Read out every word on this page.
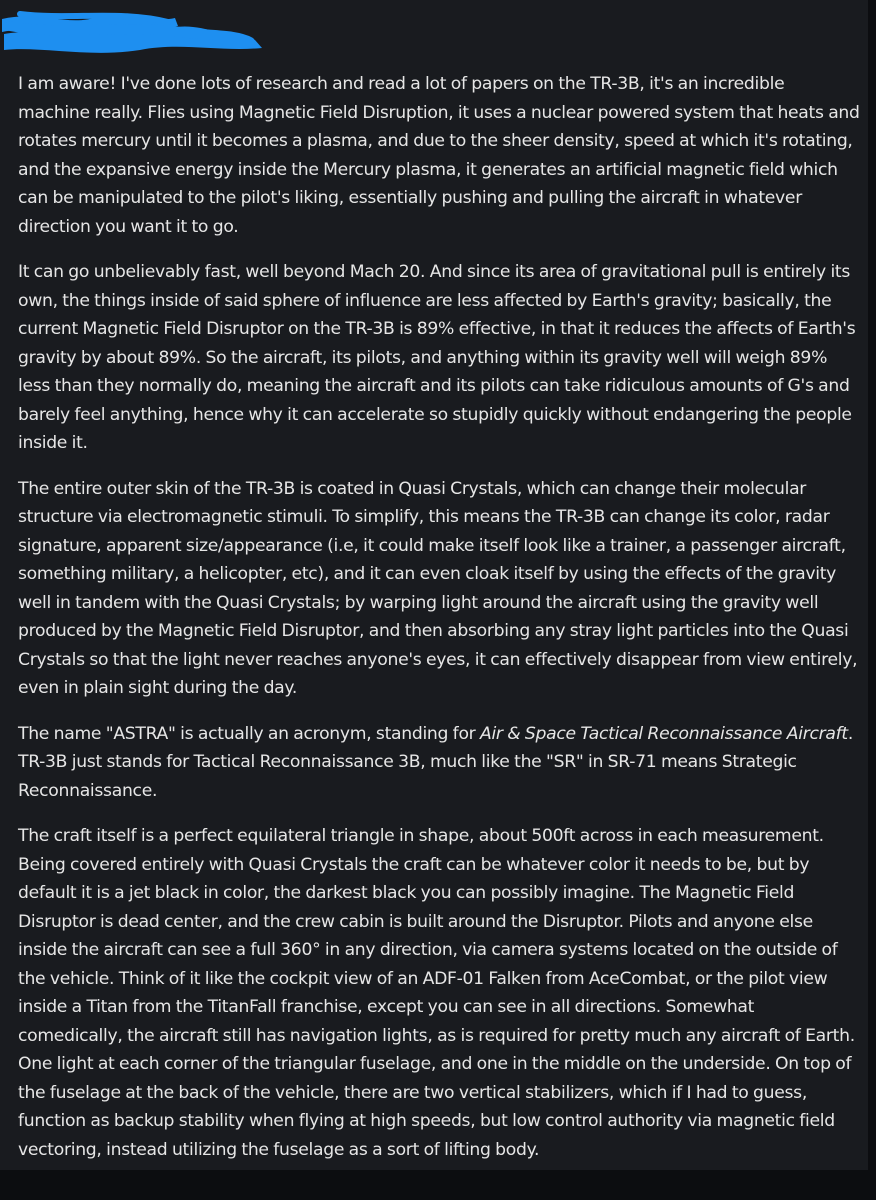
I am aware! I've done lots of research and read a lot of papers on the TR-3B, it's an incredible machine really. Flies using Magnetic Field Disruption, it uses a nuclear powered system that heats and rotates mercury until it becomes a plasma, and due to the sheer density, speed at which it's rotating, and the expansive energy inside the Mercury plasma, it generates an artificial magnetic field which can be manipulated to the pilot's liking, essentially pushing and pulling the aircraft in whatever direction you want it to go.

It can go unbelievably fast, well beyond Mach 20. And since its area of gravitational pull is entirely its own, the things inside of said sphere of influence are less affected by Earth's gravity; basically, the current Magnetic Field Disruptor on the TR-3B is 89% effective, in that it reduces the affects of Earth's gravity by about 89%. So the aircraft, its pilots, and anything within its gravity well will weigh 89% less than they normally do, meaning the aircraft and its pilots can take ridiculous amounts of G's and barely feel anything, hence why it can accelerate so stupidly quickly without endangering the people inside it.

The entire outer skin of the TR-3B is coated in Quasi Crystals, which can change their molecular structure via electromagnetic stimuli. To simplify, this means the TR-3B can change its color, radar signature, apparent size/appearance (i.e, it could make itself look like a trainer, a passenger aircraft, something military, a helicopter, etc), and it can even cloak itself by using the effects of the gravity well in tandem with the Quasi Crystals; by warping light around the aircraft using the gravity well produced by the Magnetic Field Disruptor, and then absorbing any stray light particles into the Quasi Crystals so that the light never reaches anyone's eyes, it can effectively disappear from view entirely, even in plain sight during the day.

The name "ASTRA" is actually an acronym, standing for Air & Space Tactical Reconnaissance Aircraft. TR-3B just stands for Tactical Reconnaissance 3B, much like the "SR" in SR-71 means Strategic Reconnaissance.

The craft itself is a perfect equilateral triangle in shape, about 500ft across in each measurement. Being covered entirely with Quasi Crystals the craft can be whatever color it needs to be, but by default it is a jet black in color, the darkest black you can possibly imagine. The Magnetic Field Disruptor is dead center, and the crew cabin is built around the Disruptor. Pilots and anyone else inside the aircraft can see a full 360° in any direction, via camera systems located on the outside of the vehicle. Think of it like the cockpit view of an ADF-01 Falken from AceCombat, or the pilot view inside a Titan from the TitanFall franchise, except you can see in all directions. Somewhat comedically, the aircraft still has navigation lights, as is required for pretty much any aircraft of Earth. One light at each corner of the triangular fuselage, and one in the middle on the underside. On top of the fuselage at the back of the vehicle, there are two vertical stabilizers, which if I had to guess, function as backup stability when flying at high speeds, but low control authority via magnetic field vectoring, instead utilizing the fuselage as a sort of lifting body.
